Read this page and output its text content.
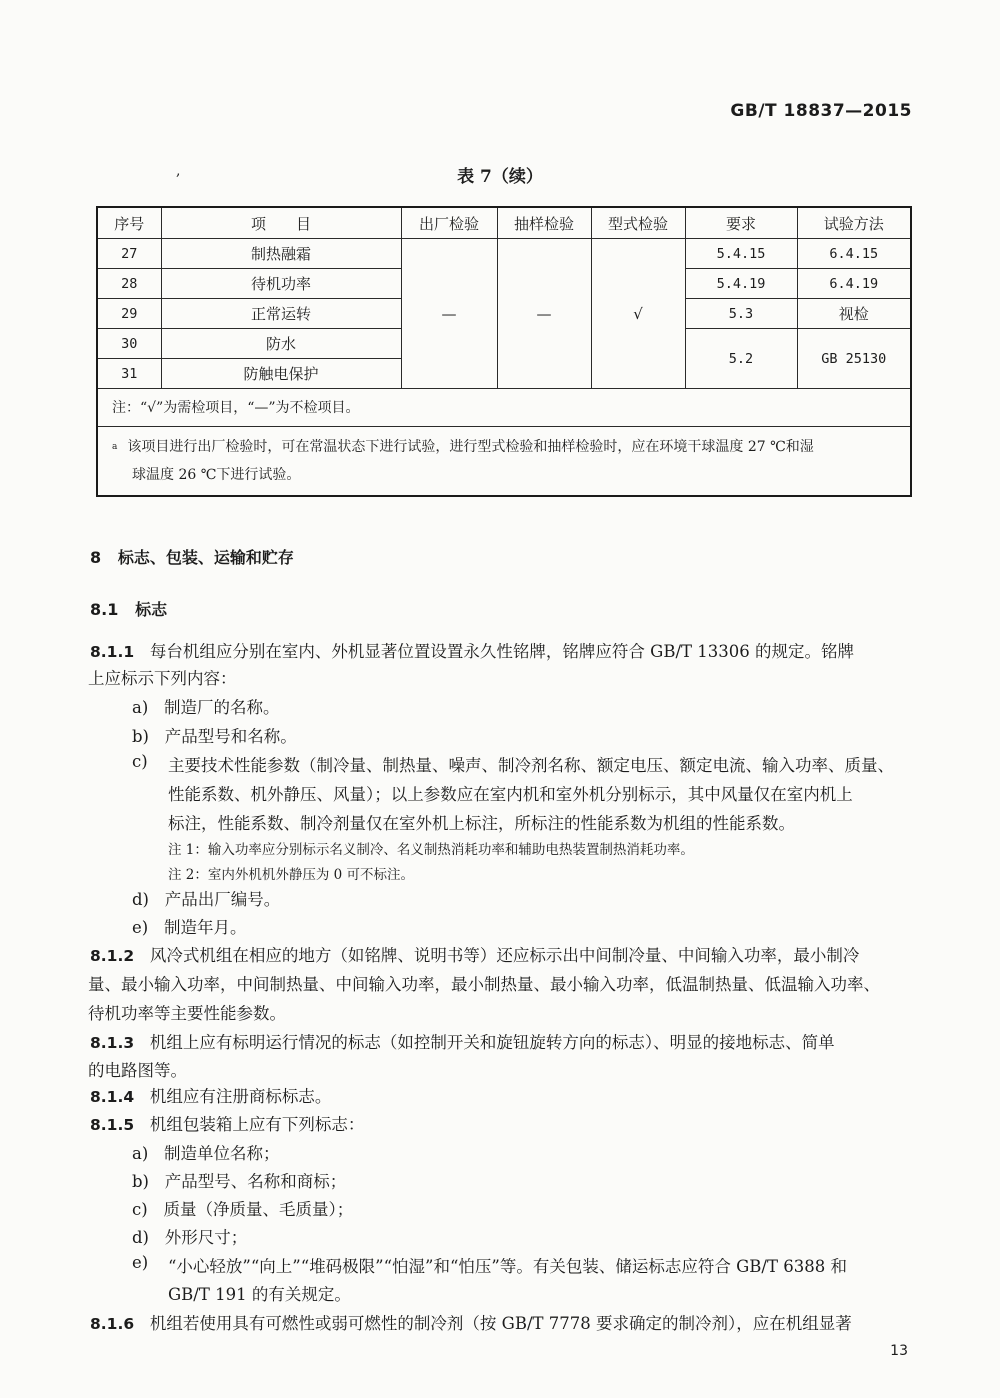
GB/T 18837—2015
,	表 7（续）
序号	项　　目	出厂检验	抽样检验	型式检验	要求	试验方法
27	制热融霜	—	—	√	5.4.15	6.4.15
28	待机功率				5.4.19	6.4.19
29	正常运转				5.3	视检
30	防水				5.2	GB 25130
31	防触电保护					
注：“√”为需检项目，“—”为不检项目。						

$^a$ 该项目进行出厂检验时，可在常温状态下进行试验，进行型式检验和抽样检验时，应在环境干球温度 27 ℃和湿
球温度 26 ℃下进行试验。						
8 标志、包装、运输和贮存
8.1 标志
8.1.1 每台机组应分别在室内、外机显著位置设置永久性铭牌，铭牌应符合 GB/T 13306 的规定。铭牌
上应标示下列内容：
a) 制造厂的名称。
b) 产品型号和名称。
c) 主要技术性能参数（制冷量、制热量、噪声、制冷剂名称、额定电压、额定电流、输入功率、质量、
性能系数、机外静压、风量）；以上参数应在室内机和室外机分别标示，其中风量仅在室内机上
标注，性能系数、制冷剂量仅在室外机上标注，所标注的性能系数为机组的性能系数。
注 1：输入功率应分别标示名义制冷、名义制热消耗功率和辅助电热装置制热消耗功率。
注 2：室内外机机外静压为 0 可不标注。
d) 产品出厂编号。
e) 制造年月。
8.1.2 风冷式机组在相应的地方（如铭牌、说明书等）还应标示出中间制冷量、中间输入功率，最小制冷
量、最小输入功率，中间制热量、中间输入功率，最小制热量、最小输入功率，低温制热量、低温输入功率、
待机功率等主要性能参数。
8.1.3 机组上应有标明运行情况的标志（如控制开关和旋钮旋转方向的标志）、明显的接地标志、简单
的电路图等。
8.1.4 机组应有注册商标标志。
8.1.5 机组包装箱上应有下列标志：
a) 制造单位名称；
b) 产品型号、名称和商标；
c) 质量（净质量、毛质量）；
d) 外形尺寸；
e) “小心轻放”“向上”“堆码极限”“怕湿”和“怕压”等。有关包装、储运标志应符合 GB/T 6388 和
GB/T 191 的有关规定。
8.1.6 机组若使用具有可燃性或弱可燃性的制冷剂（按 GB/T 7778 要求确定的制冷剂），应在机组显著
13
